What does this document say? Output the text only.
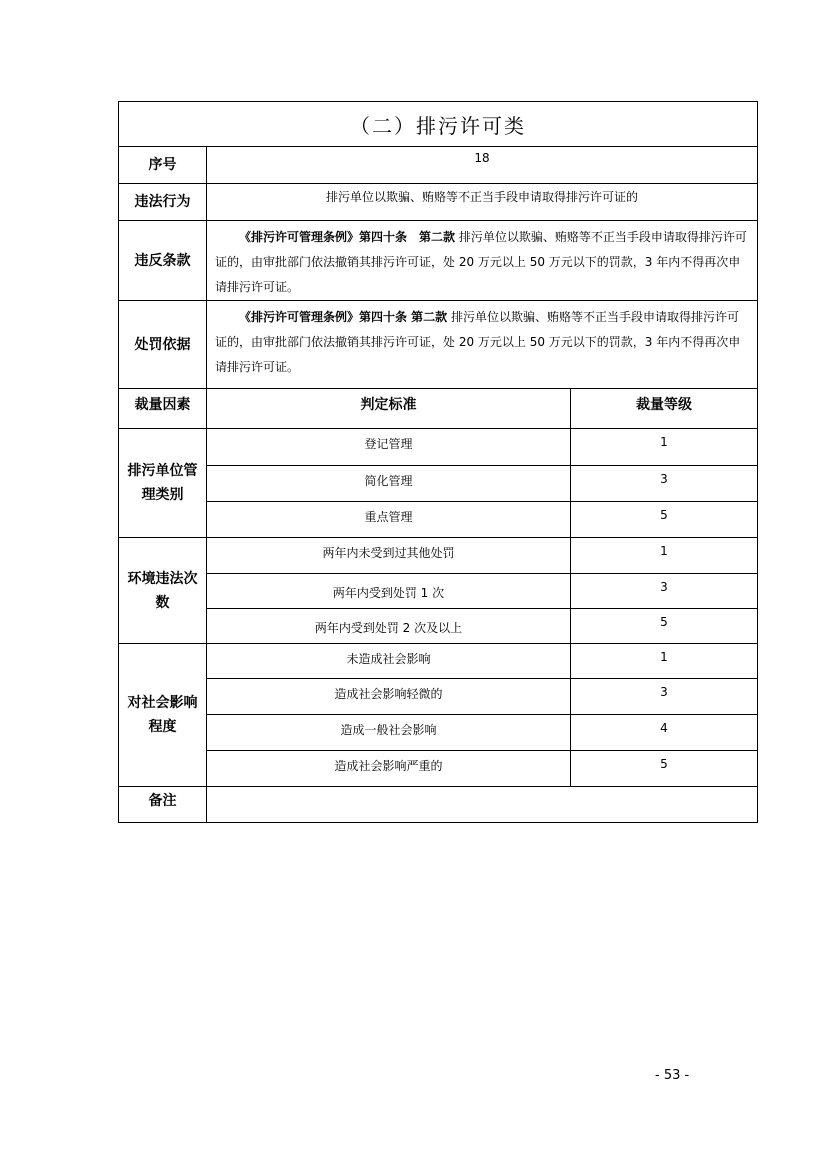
（二）排污许可类		
序号	18	
违法行为	排污单位以欺骗、贿赂等不正当手段申请取得排污许可证的	
违反条款	《排污许可管理条例》第四十条　第二款 排污单位以欺骗、贿赂等不正当手段申请取得排污许可证的，由审批部门依法撤销其排污许可证，处 20 万元以上 50 万元以下的罚款，3 年内不得再次申请排污许可证。	
处罚依据	《排污许可管理条例》第四十条 第二款 排污单位以欺骗、贿赂等不正当手段申请取得排污许可证的，由审批部门依法撤销其排污许可证，处 20 万元以上 50 万元以下的罚款，3 年内不得再次申请排污许可证。	
裁量因素	判定标准	裁量等级
排污单位管理类别	登记管理	1
	简化管理	3
	重点管理	5
环境违法次数	两年内未受到过其他处罚	1
	两年内受到处罚 1 次	3
	两年内受到处罚 2 次及以上	5
对社会影响程度	未造成社会影响	1
	造成社会影响轻微的	3
	造成一般社会影响	4
	造成社会影响严重的	5
备注		
- 53 -
